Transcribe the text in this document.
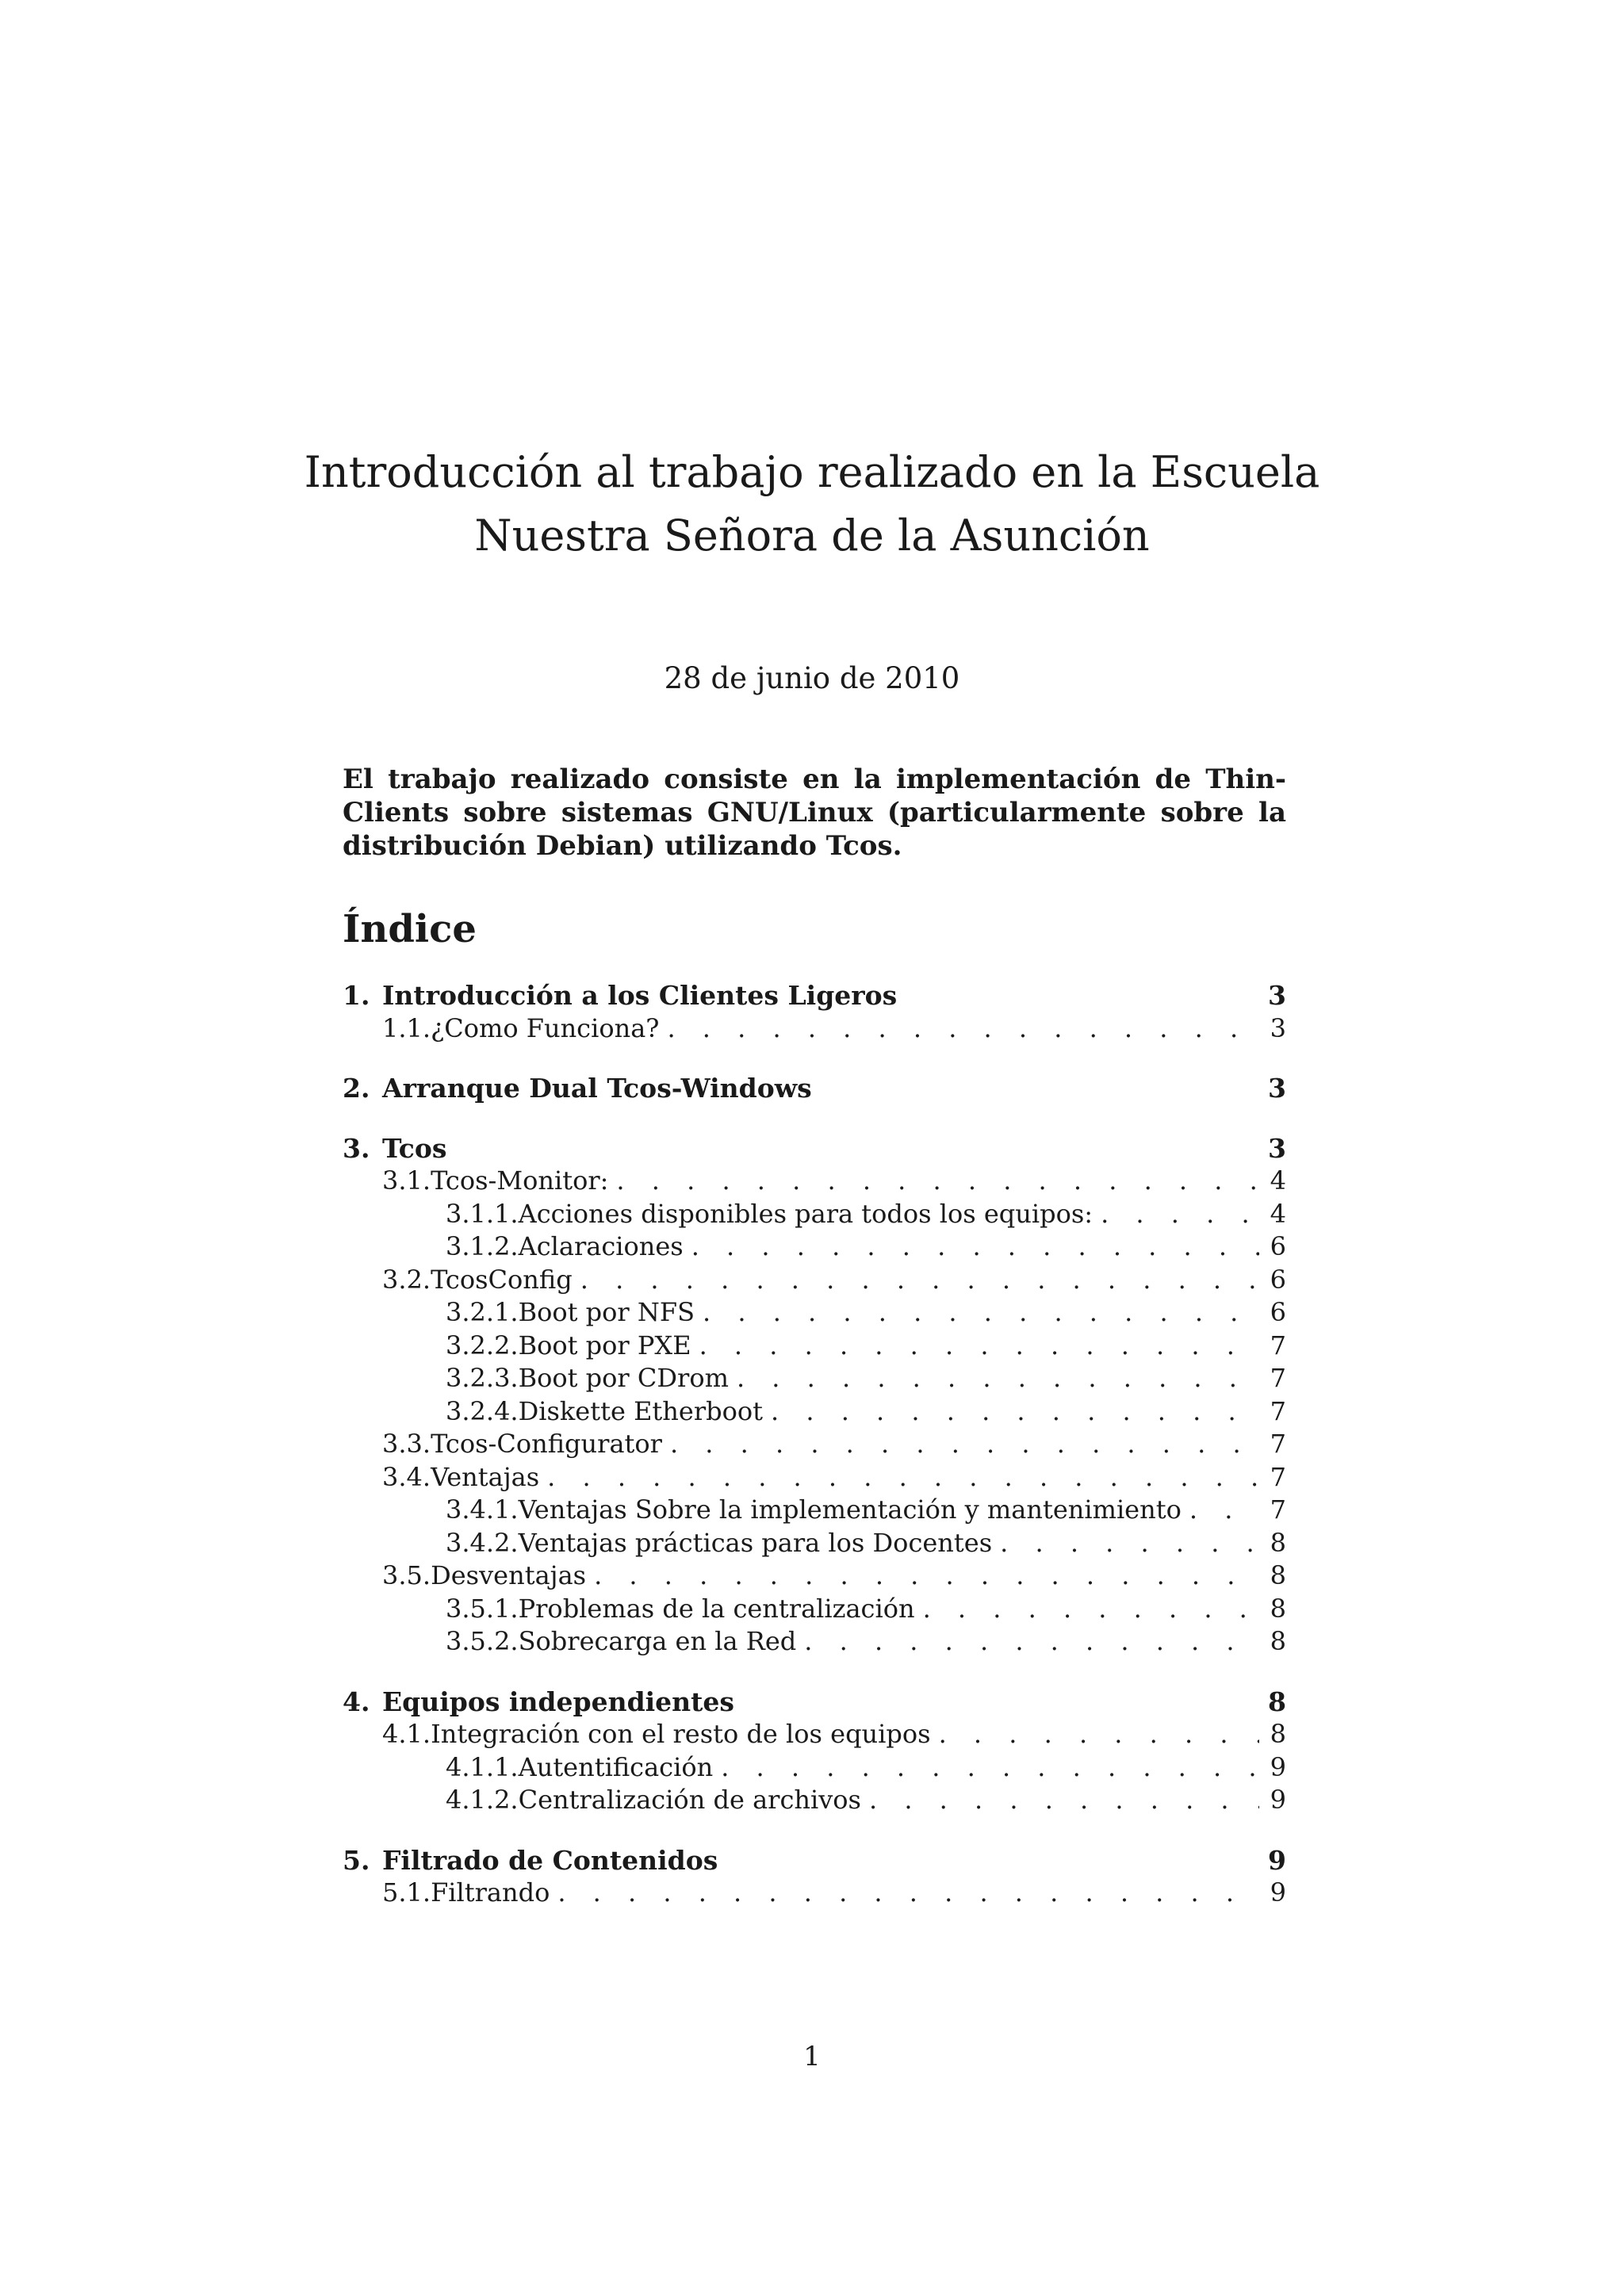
Introducción al trabajo realizado en la Escuela
Nuestra Señora de la Asunción
28 de junio de 2010
El trabajo realizado consiste en la implementación de Thin-Clients sobre sistemas GNU/Linux (particularmente sobre la distribución Debian) utilizando Tcos.
Índice
1. Introducción a los Clientes Ligeros	3
1.1. ¿Como Funciona? . . .	3
2. Arranque Dual Tcos-Windows	3
3. Tcos	3
3.1. Tcos-Monitor: . . .	4
3.1.1. Acciones disponibles para todos los equipos: . . .	4
3.1.2. Aclaraciones . . .	6
3.2. TcosConfig . . .	6
3.2.1. Boot por NFS . . .	6
3.2.2. Boot por PXE . . .	7
3.2.3. Boot por CDrom . . .	7
3.2.4. Diskette Etherboot . . .	7
3.3. Tcos-Configurator . . .	7
3.4. Ventajas . . .	7
3.4.1. Ventajas Sobre la implementación y mantenimiento . . .	7
3.4.2. Ventajas prácticas para los Docentes . . .	8
3.5. Desventajas . . .	8
3.5.1. Problemas de la centralización . . .	8
3.5.2. Sobrecarga en la Red . . .	8
4. Equipos independientes	8
4.1. Integración con el resto de los equipos . . .	8
4.1.1. Autentificación . . .	9
4.1.2. Centralización de archivos . . .	9
5. Filtrado de Contenidos	9
5.1. Filtrando . . .	9
1
